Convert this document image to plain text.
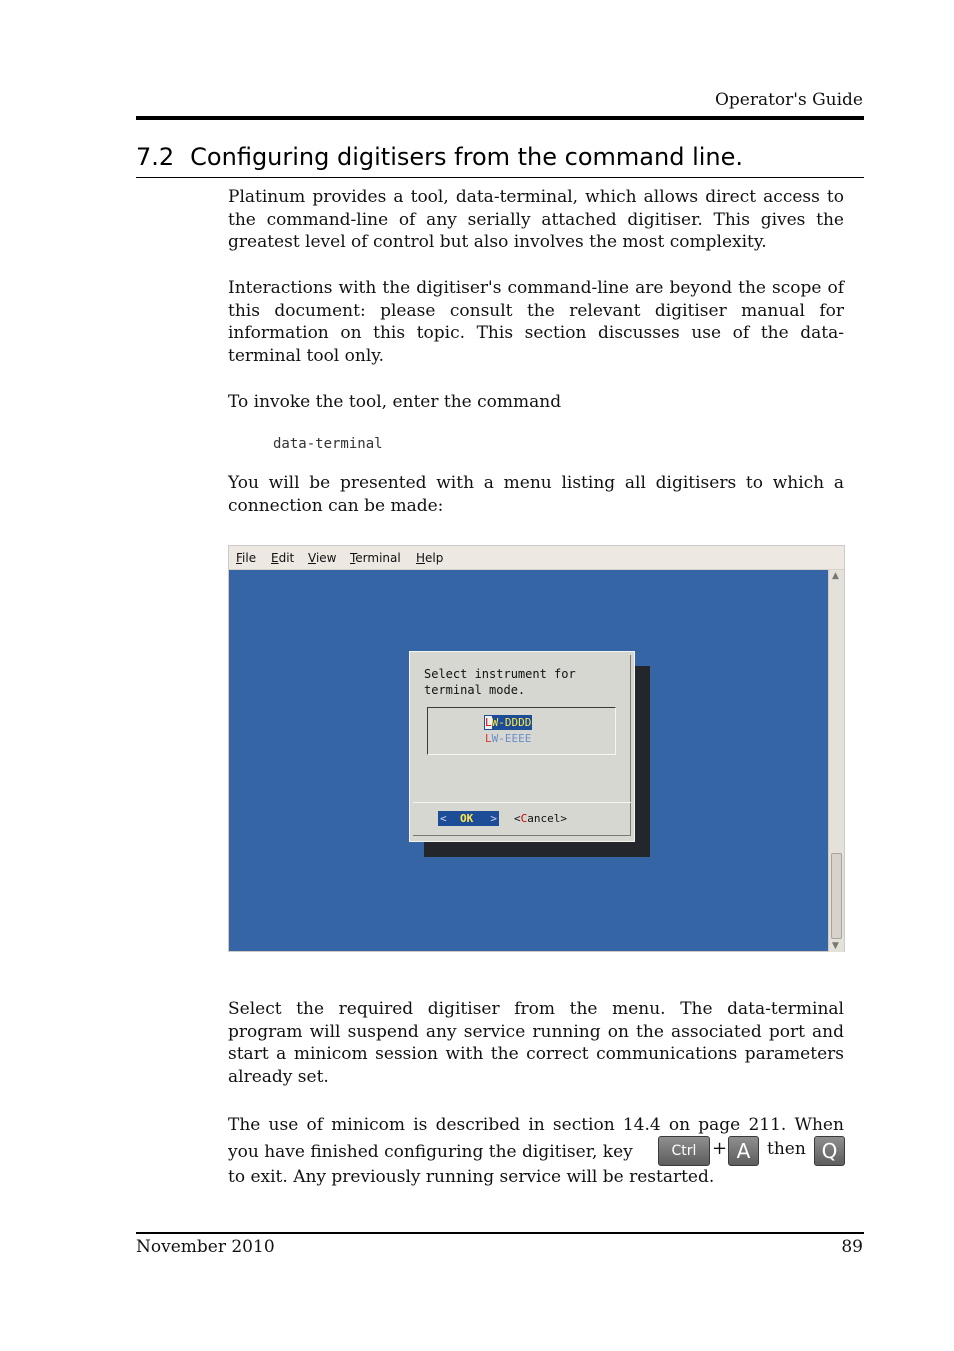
Operator's Guide
7.2 Configuring digitisers from the command line.

Platinum provides a tool, data-terminal, which allows direct access to the command-line of any serially attached digitiser. This gives the greatest level of control but also involves the most complexity.

Interactions with the digitiser's command-line are beyond the scope of this document: please consult the relevant digitiser manual for information on this topic. This section discusses use of the data-terminal tool only.

To invoke the tool, enter the command

data-terminal

You will be presented with a menu listing all digitisers to which a connection can be made:

File Edit View Terminal Help
Select instrument for
terminal mode.
LW-DDDD
LW-EEEE
< OK > <Cancel>
▲
▼

Select the required digitiser from the menu. The data-terminal program will suspend any service running on the associated port and start a minicom session with the correct communications parameters already set.

The use of minicom is described in section 14.4 on page 211. When
you have finished configuring the digitiser, key	Ctrl + A then Q

to exit. Any previously running service will be restarted.

November 2010	89
